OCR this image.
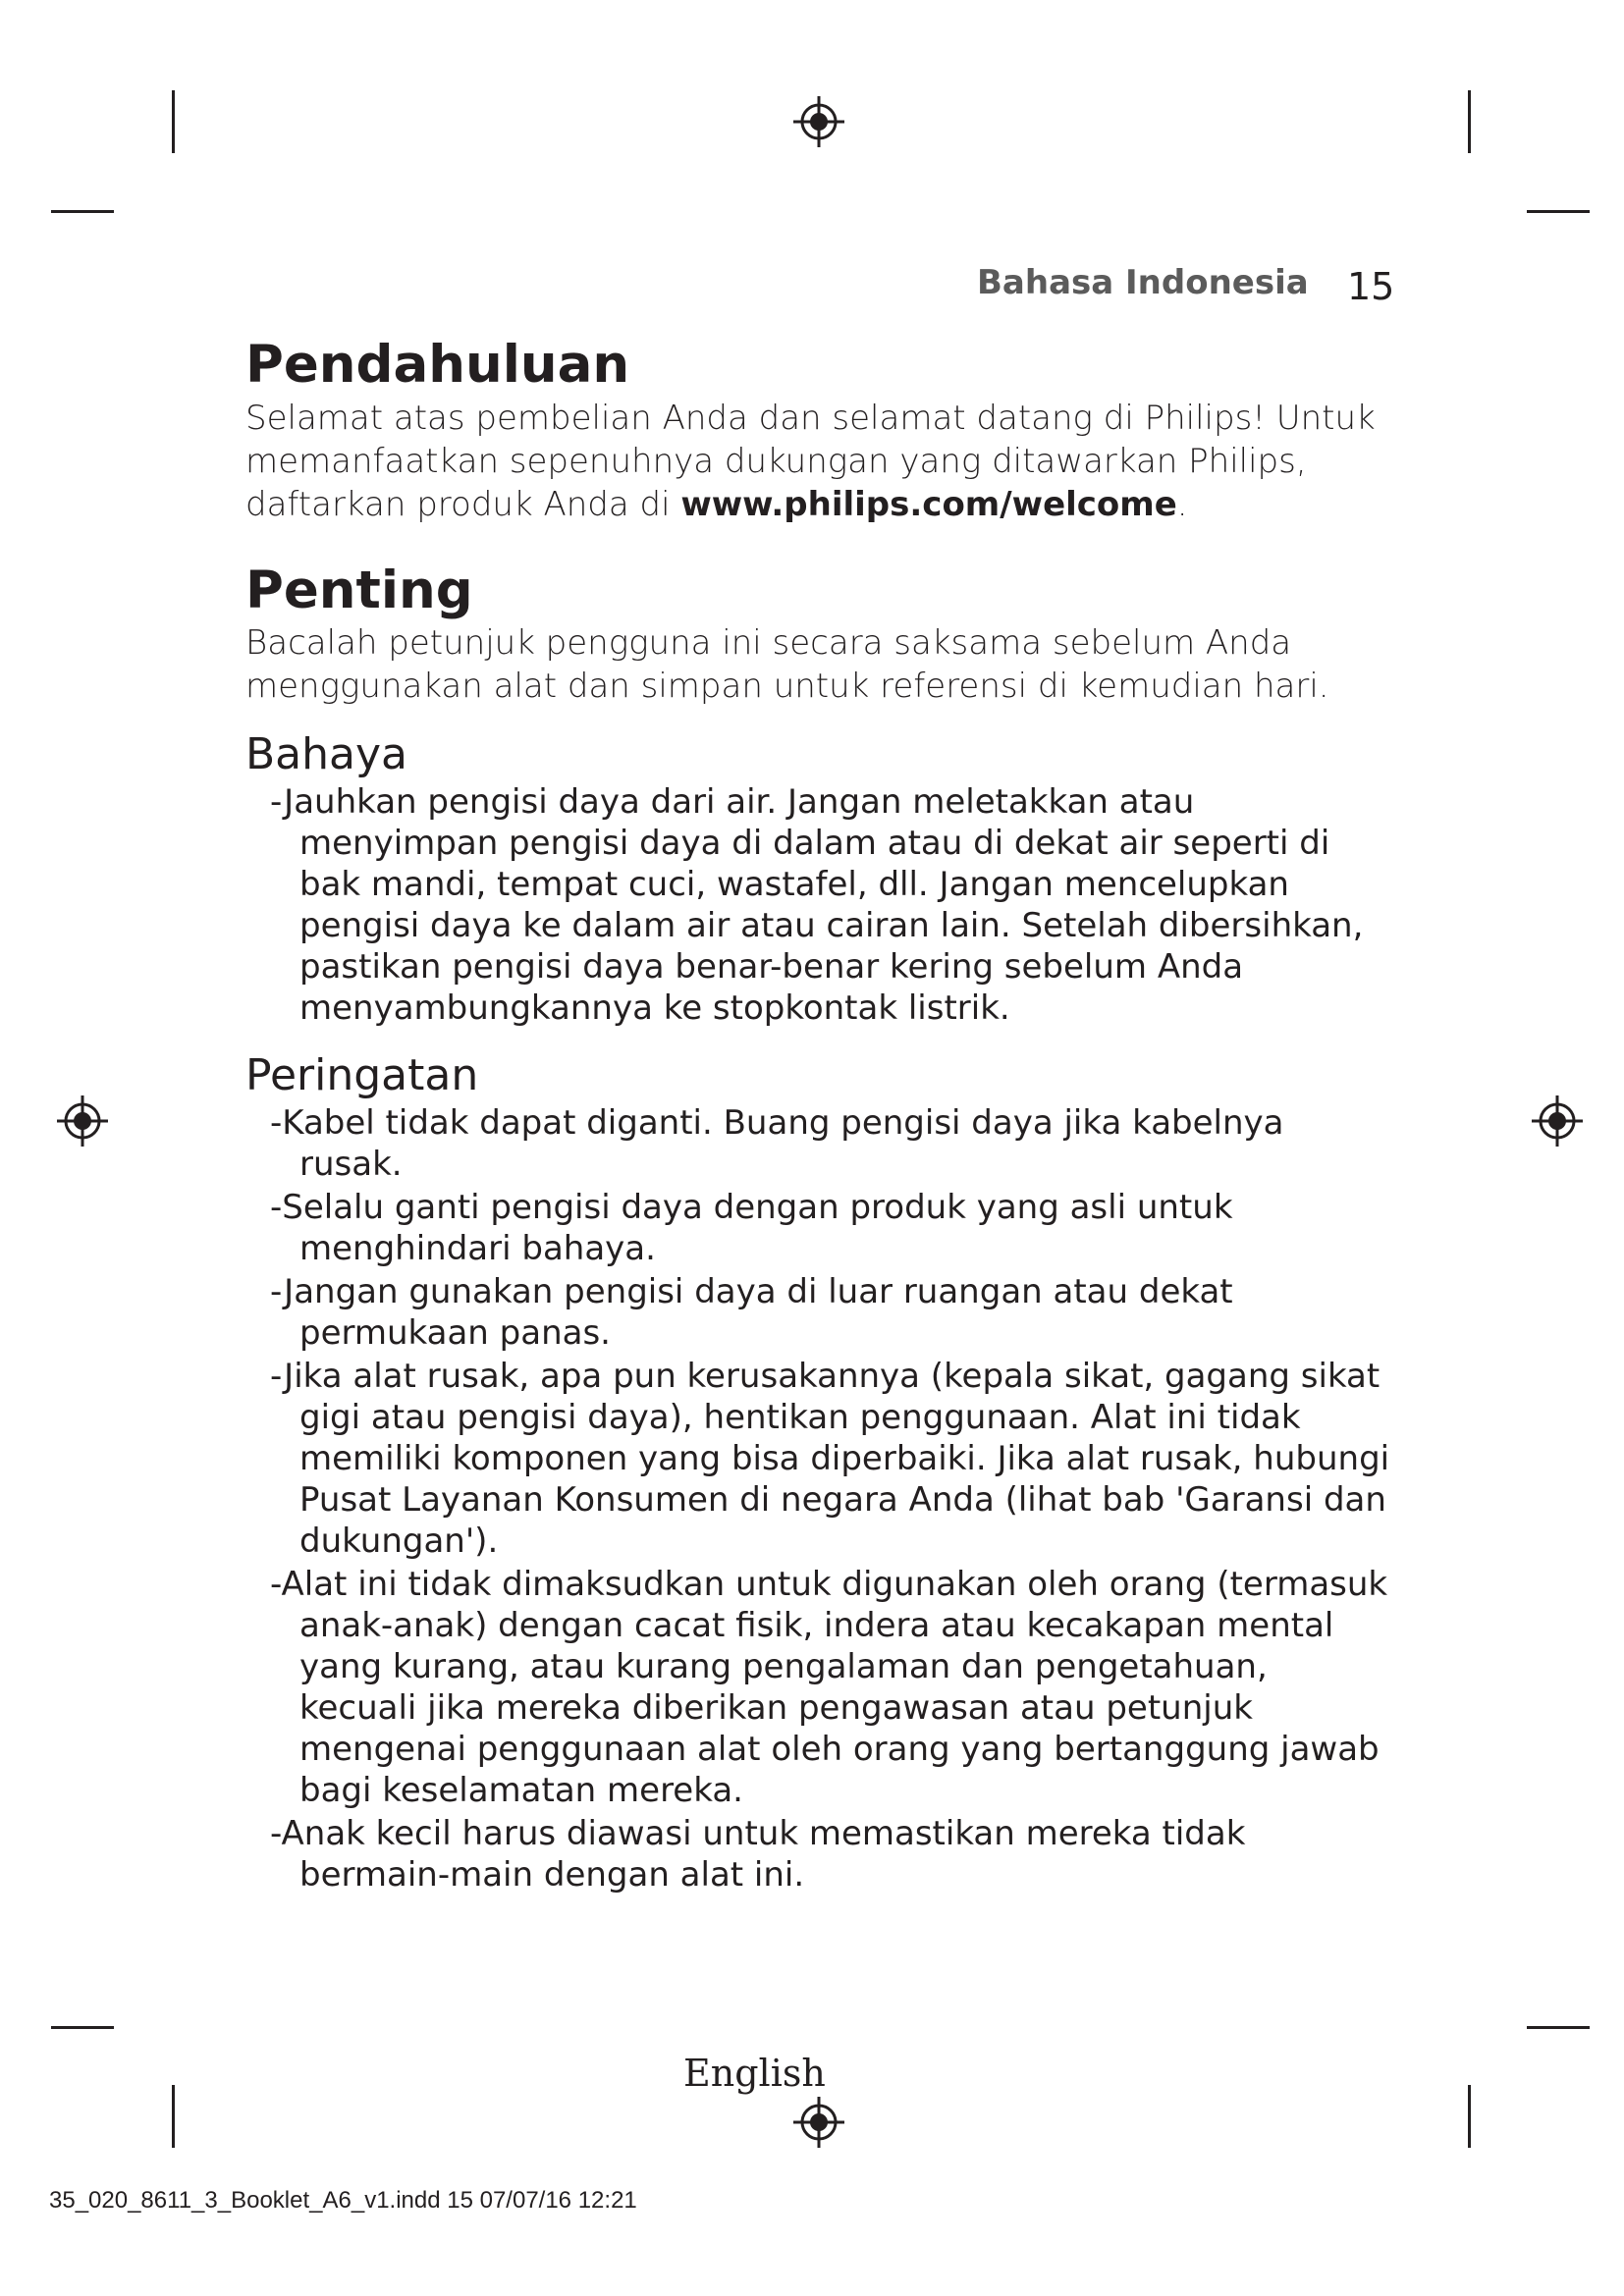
Bahasa Indonesia 15
Pendahuluan

Selamat atas pembelian Anda dan selamat datang di Philips! Untuk memanfaatkan sepenuhnya dukungan yang ditawarkan Philips, daftarkan produk Anda di www.philips.com/welcome.

Penting

Bacalah petunjuk pengguna ini secara saksama sebelum Anda menggunakan alat dan simpan untuk referensi di kemudian hari.

Bahaya
-Jauhkan pengisi daya dari air. Jangan meletakkan atau menyimpan pengisi daya di dalam atau di dekat air seperti di bak mandi, tempat cuci, wastafel, dll. Jangan mencelupkan pengisi daya ke dalam air atau cairan lain. Setelah dibersihkan, pastikan pengisi daya benar-benar kering sebelum Anda menyambungkannya ke stopkontak listrik.
Peringatan
-Kabel tidak dapat diganti. Buang pengisi daya jika kabelnya rusak.
-Selalu ganti pengisi daya dengan produk yang asli untuk menghindari bahaya.
-Jangan gunakan pengisi daya di luar ruangan atau dekat permukaan panas.
-Jika alat rusak, apa pun kerusakannya (kepala sikat, gagang sikat gigi atau pengisi daya), hentikan penggunaan. Alat ini tidak memiliki komponen yang bisa diperbaiki. Jika alat rusak, hubungi Pusat Layanan Konsumen di negara Anda (lihat bab 'Garansi dan dukungan').
-Alat ini tidak dimaksudkan untuk digunakan oleh orang (termasuk anak-anak) dengan cacat fisik, indera atau kecakapan mental yang kurang, atau kurang pengalaman dan pengetahuan, kecuali jika mereka diberikan pengawasan atau petunjuk mengenai penggunaan alat oleh orang yang bertanggung jawab bagi keselamatan mereka.
-Anak kecil harus diawasi untuk memastikan mereka tidak bermain-main dengan alat ini.
English
35_020_8611_3_Booklet_A6_v1.indd 15 07/07/16 12:21
